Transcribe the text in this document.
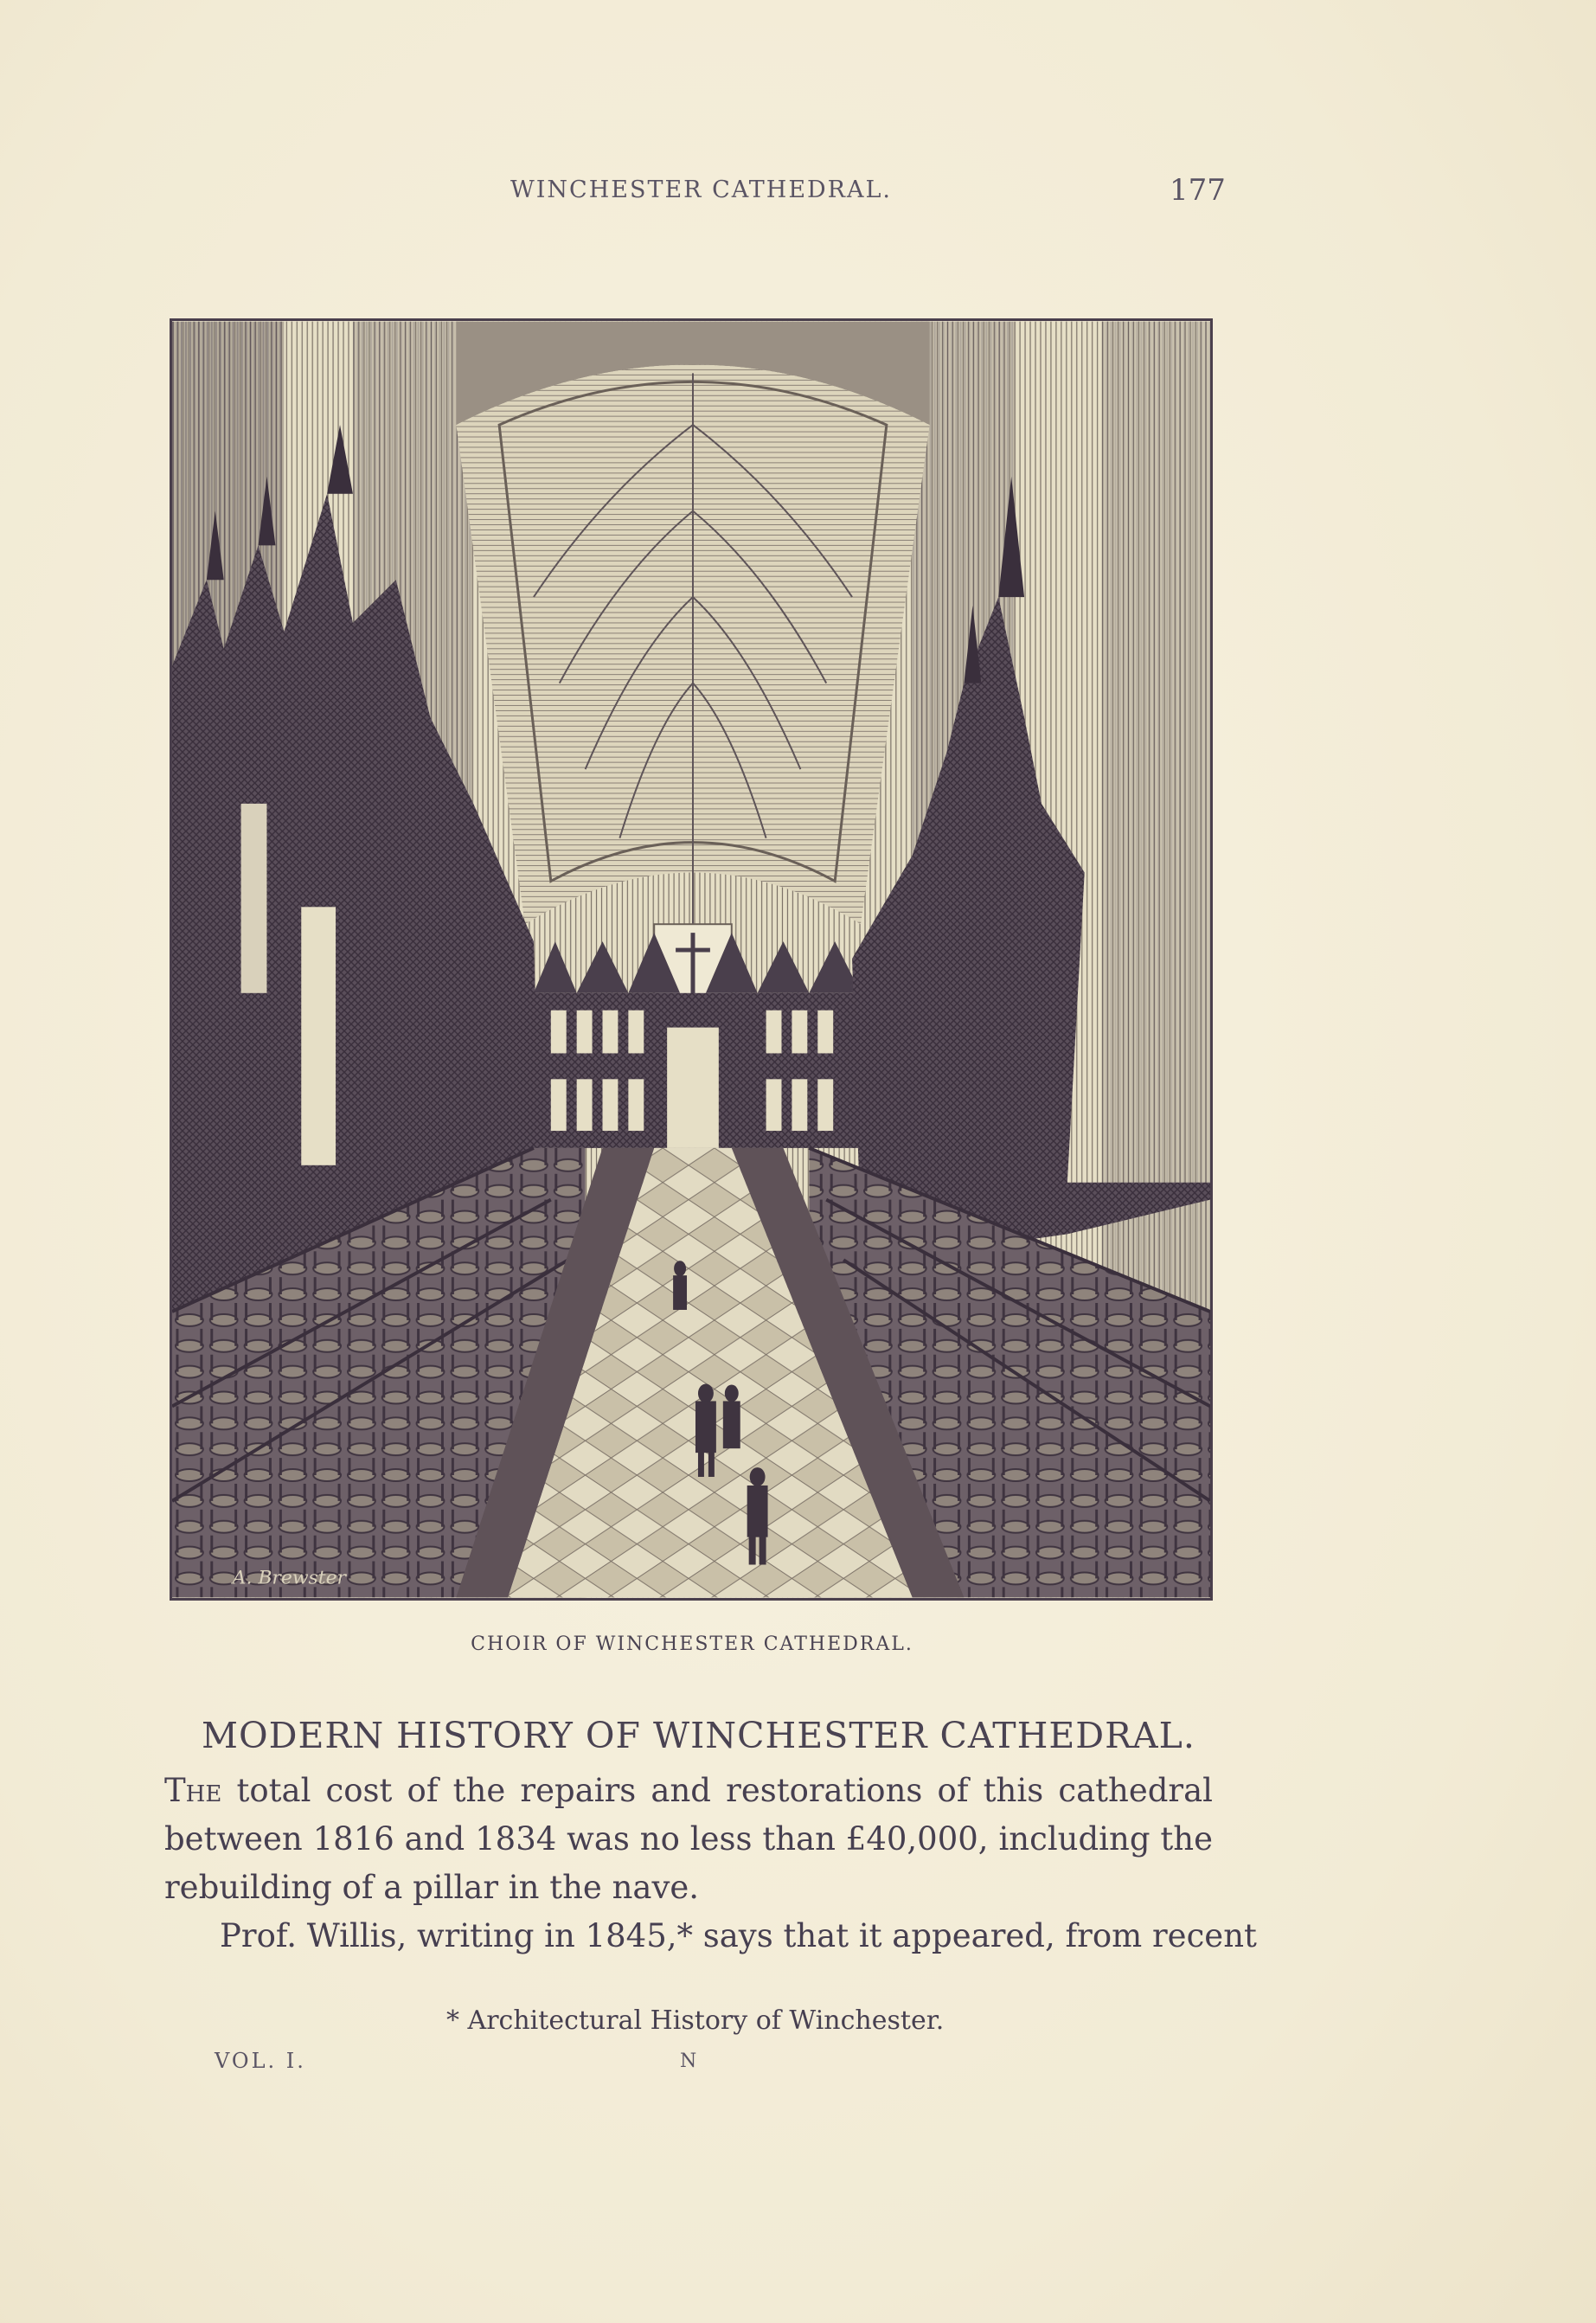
WINCHESTER CATHEDRAL.	177
A. Brewster
CHOIR OF WINCHESTER CATHEDRAL.
MODERN HISTORY OF WINCHESTER CATHEDRAL.
The total cost of the repairs and restorations of this cathedral
between 1816 and 1834 was no less than £40,000, including the
rebuilding of a pillar in the nave.
Prof. Willis, writing in 1845,* says that it appeared, from recent
* Architectural History of Winchester.
VOL. I.	N
